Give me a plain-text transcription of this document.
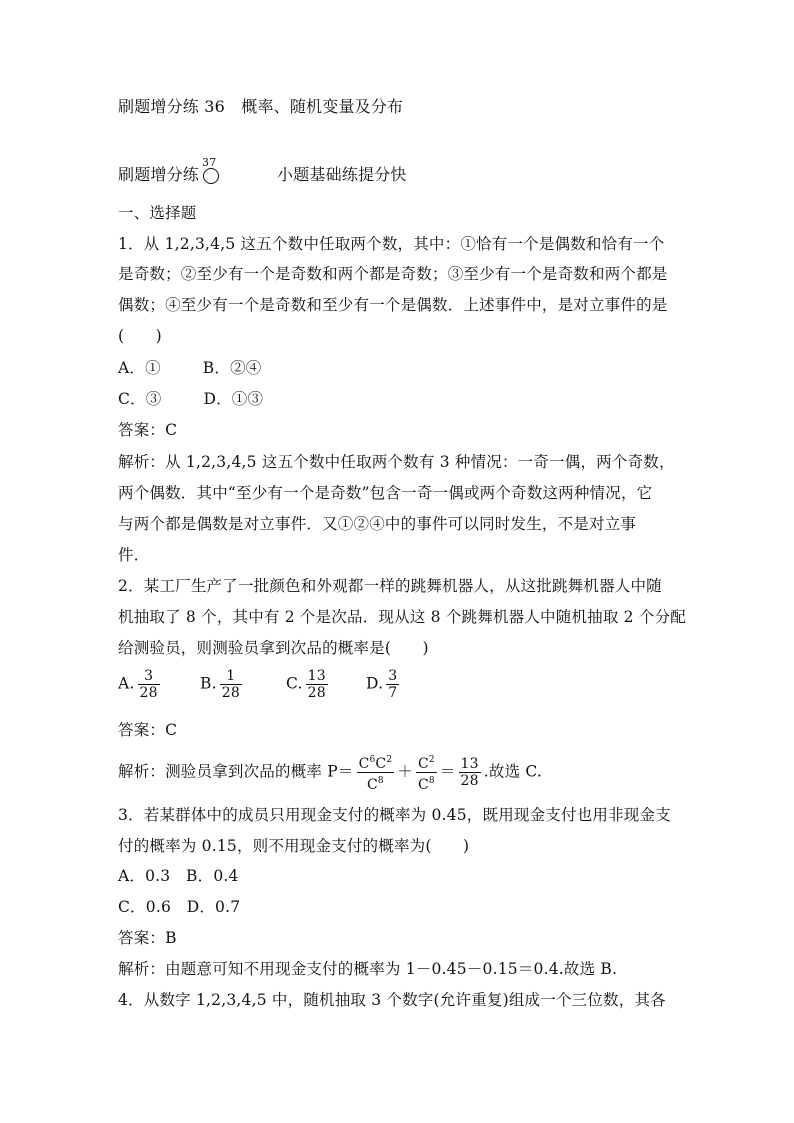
刷题增分练 36　概率、随机变量及分布
刷题增分练
37
小题基础练提分快
一、选择题
1．从 1,2,3,4,5 这五个数中任取两个数，其中：①恰有一个是偶数和恰有一个
是奇数；②至少有一个是奇数和两个都是奇数；③至少有一个是奇数和两个都是
偶数；④至少有一个是奇数和至少有一个是偶数．上述事件中，是对立事件的是
(　　)
A．①	B．②④
C．③	D．①③
答案：C
解析：从 1,2,3,4,5 这五个数中任取两个数有 3 种情况：一奇一偶，两个奇数，
两个偶数．其中“至少有一个是奇数”包含一奇一偶或两个奇数这两种情况，它
与两个都是偶数是对立事件．又①②④中的事件可以同时发生，不是对立事
件．
2．某工厂生产了一批颜色和外观都一样的跳舞机器人，从这批跳舞机器人中随
机抽取了 8 个，其中有 2 个是次品．现从这 8 个跳舞机器人中随机抽取 2 个分配
给测验员，则测验员拿到次品的概率是(　　)
A. $\frac{3}{28}$	B. $\frac{1}{28}$	C. $\frac{13}{28} D$. $\frac{3}{7}$
答案：C
解析：测验员拿到次品的概率 $P= \frac{C^6C^2}{C^8} + \frac{C^2}{C^8} = \frac{13}{28}$ .故选 C.
3．若某群体中的成员只用现金支付的概率为 0.45，既用现金支付也用非现金支
付的概率为 0.15，则不用现金支付的概率为(　　)
A．0.3　B．0.4
C．0.6　D．0.7
答案：B
解析：由题意可知不用现金支付的概率为 1－0.45－0.15＝0.4.故选 B.
4．从数字 1,2,3,4,5 中，随机抽取 3 个数字(允许重复)组成一个三位数，其各
